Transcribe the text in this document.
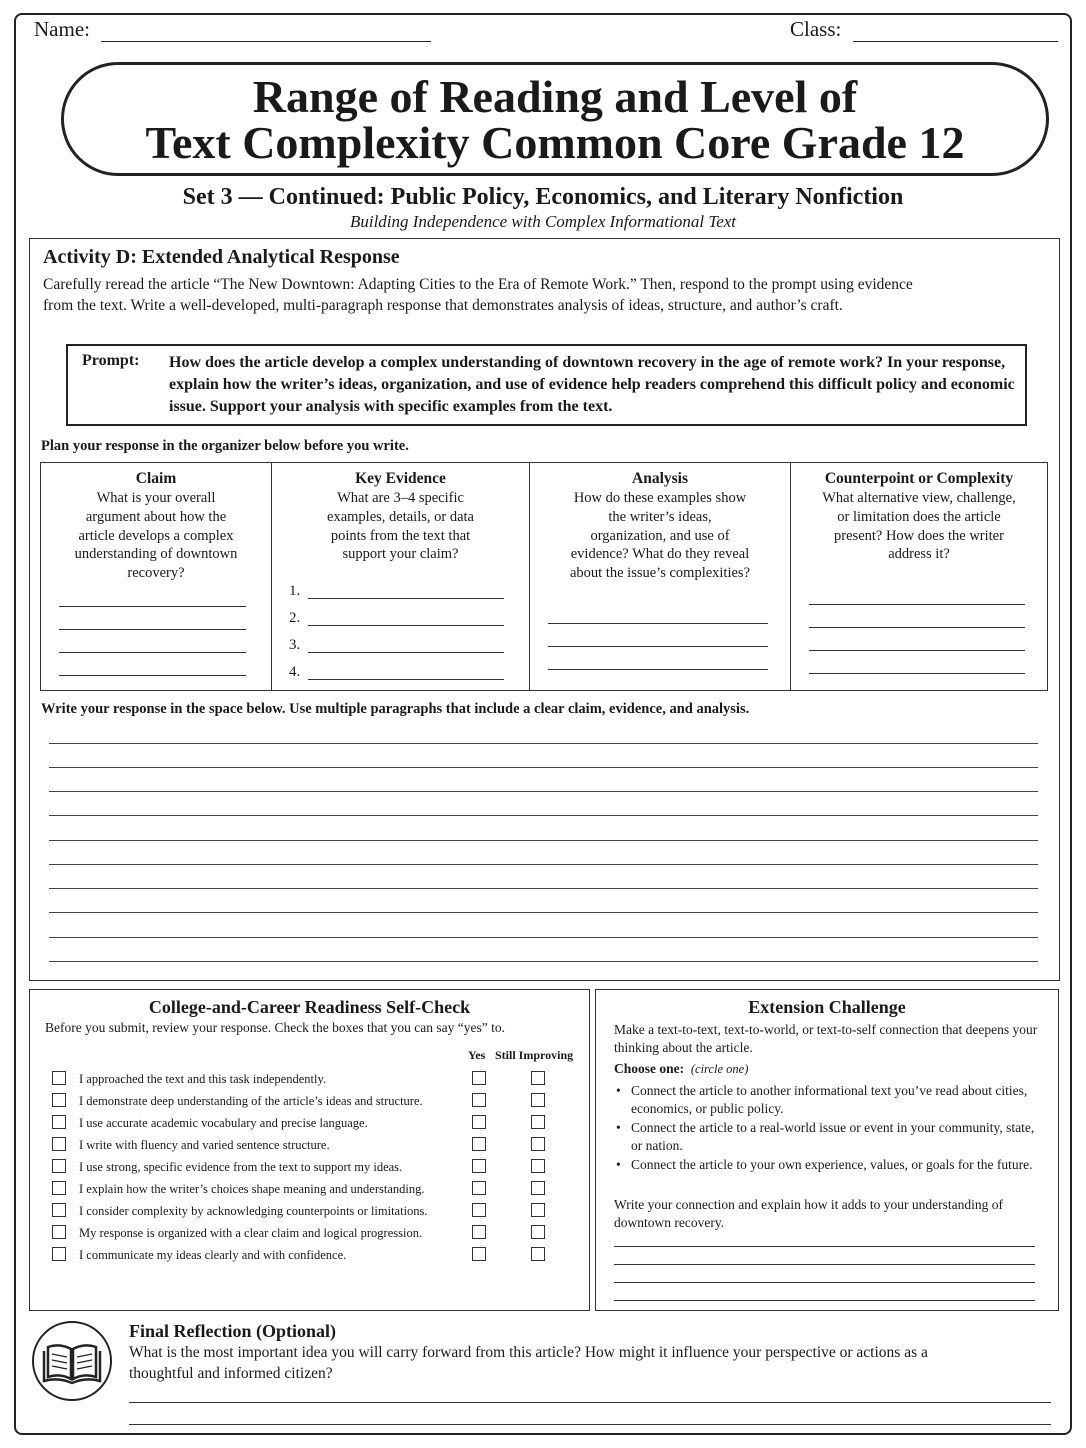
Name:	Class:
Range of Reading and Level of
Text Complexity Common Core Grade 12
Set 3 — Continued: Public Policy, Economics, and Literary Nonfiction
Building Independence with Complex Informational Text
Activity D: Extended Analytical Response
Carefully reread the article “The New Downtown: Adapting Cities to the Era of Remote Work.” Then, respond to the prompt using evidence from the text. Write a well-developed, multi-paragraph response that demonstrates analysis of ideas, structure, and author’s craft.
Prompt: How does the article develop a complex understanding of downtown recovery in the age of remote work? In your response, explain how the writer’s ideas, organization, and use of evidence help readers comprehend this difficult policy and economic issue. Support your analysis with specific examples from the text.
Plan your response in the organizer below before you write.
Claim
What is your overall argument about how the article develops a complex understanding of downtown recovery?
Key Evidence
What are 3–4 specific examples, details, or data points from the text that support your claim?
1.
2.
3.
4.
Analysis
How do these examples show the writer’s ideas, organization, and use of evidence? What do they reveal about the issue’s complexities?
Counterpoint or Complexity
What alternative view, challenge, or limitation does the article present? How does the writer address it?
Write your response in the space below. Use multiple paragraphs that include a clear claim, evidence, and analysis.
College-and-Career Readiness Self-Check
Before you submit, review your response. Check the boxes that you can say “yes” to.
Yes Still Improving
I approached the text and this task independently.
I demonstrate deep understanding of the article’s ideas and structure.
I use accurate academic vocabulary and precise language.
I write with fluency and varied sentence structure.
I use strong, specific evidence from the text to support my ideas.
I explain how the writer’s choices shape meaning and understanding.
I consider complexity by acknowledging counterpoints or limitations.
My response is organized with a clear claim and logical progression.
I communicate my ideas clearly and with confidence.
Extension Challenge
Make a text-to-text, text-to-world, or text-to-self connection that deepens your thinking about the article.
Choose one: (circle one)
• Connect the article to another informational text you’ve read about cities, economics, or public policy.
• Connect the article to a real-world issue or event in your community, state, or nation.
• Connect the article to your own experience, values, or goals for the future.
Write your connection and explain how it adds to your understanding of downtown recovery.
Final Reflection (Optional)
What is the most important idea you will carry forward from this article? How might it influence your perspective or actions as a thoughtful and informed citizen?
